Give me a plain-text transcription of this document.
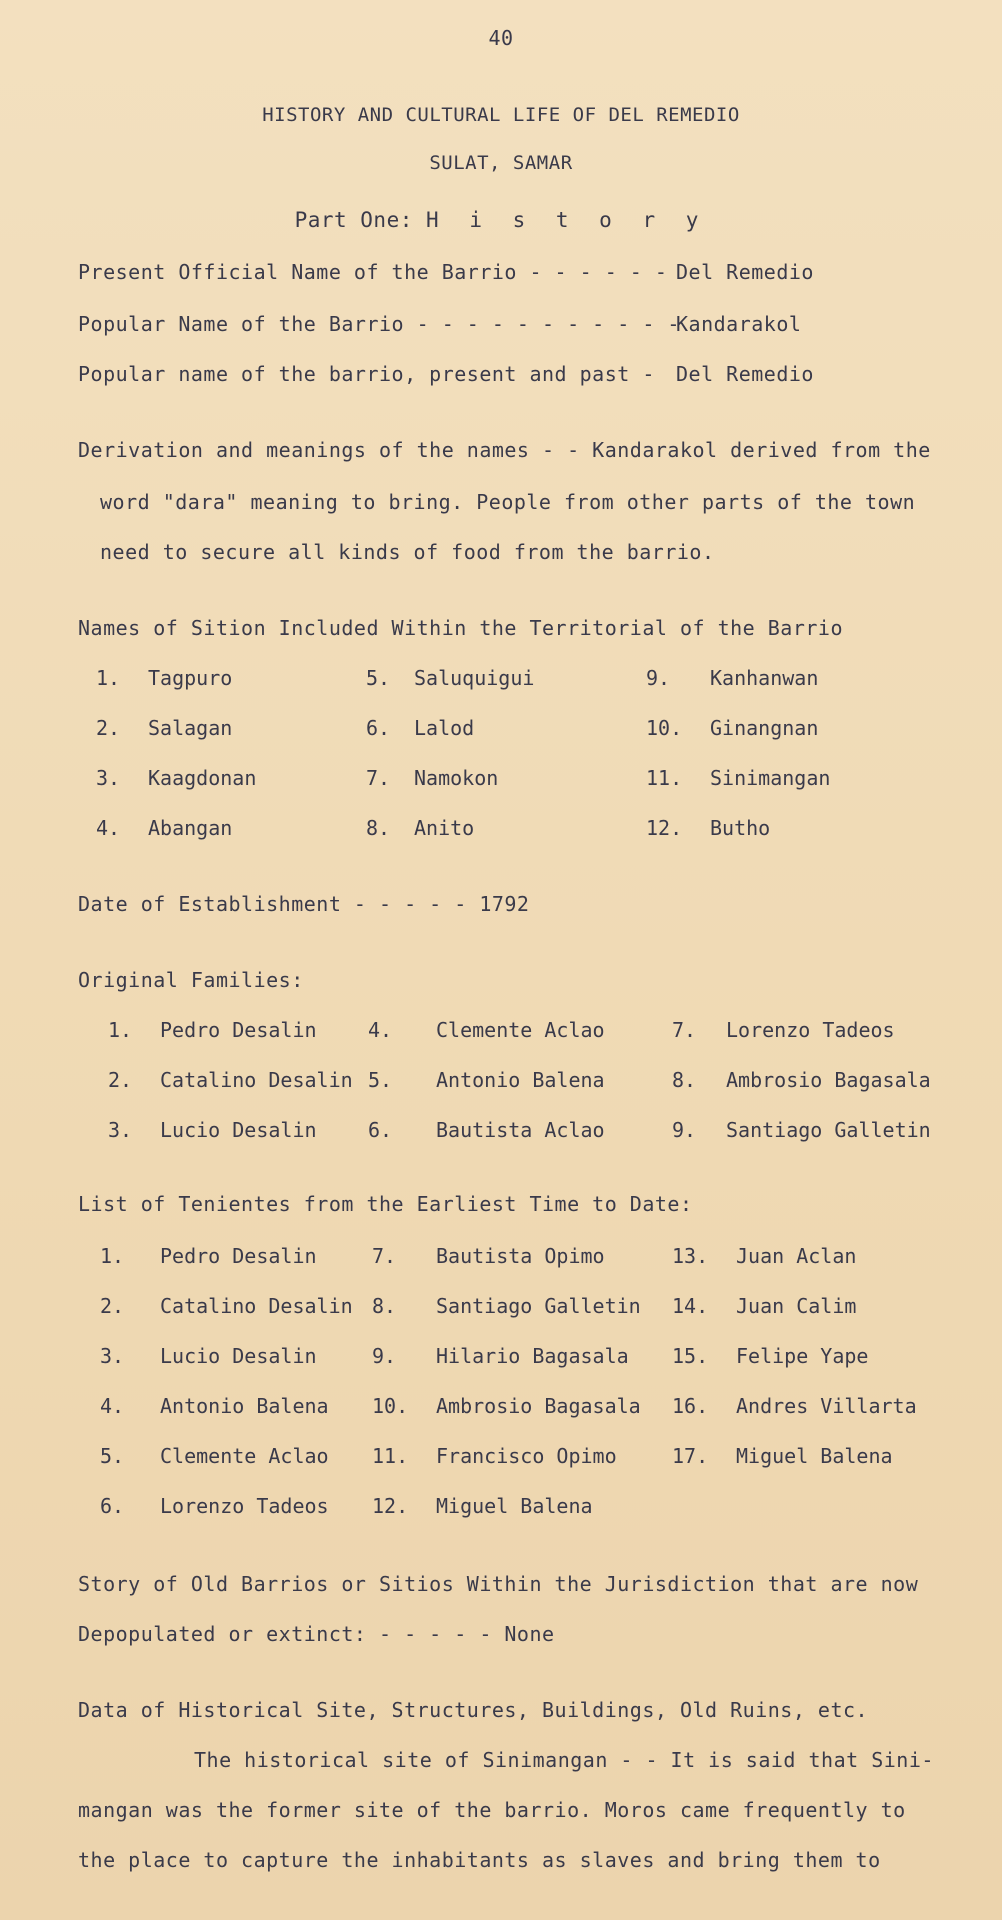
40
HISTORY AND CULTURAL LIFE OF DEL REMEDIO
SULAT, SAMAR
Part One: H i s t o r y
Present Official Name of the Barrio - - - - - - Del Remedio
Popular Name of the Barrio - - - - - - - - - - -
Kandarakol
Popular name of the barrio, present and past - Del Remedio
Derivation and meanings of the names - - Kandarakol derived from the
word "dara" meaning to bring. People from other parts of the town
need to secure all kinds of food from the barrio.
Names of Sition Included Within the Territorial of the Barrio
1. Tagpuro
2. Salagan
3. Kaagdonan
4. Abangan
5. Saluquigui
6. Lalod
7. Namokon
8. Anito
9. Kanhanwan
10. Ginangnan
11. Sinimangan
12. Butho
Date of Establishment - - - - - 1792
Original Families:
1. Pedro Desalin
2. Catalino Desalin
3. Lucio Desalin
4. Clemente Aclao
5. Antonio Balena
6. Bautista Aclao
7. Lorenzo Tadeos
8. Ambrosio Bagasala
9. Santiago Galletin
List of Tenientes from the Earliest Time to Date:
1. Pedro Desalin
2. Catalino Desalin
3. Lucio Desalin
4. Antonio Balena
5. Clemente Aclao
6. Lorenzo Tadeos
7. Bautista Opimo
8. Santiago Galletin
9. Hilario Bagasala
10. Ambrosio Bagasala
11. Francisco Opimo
12. Miguel Balena
13. Juan Aclan
14. Juan Calim
15. Felipe Yape
16. Andres Villarta
17. Miguel Balena
Story of Old Barrios or Sitios Within the Jurisdiction that are now
Depopulated or extinct: - - - - - None
Data of Historical Site, Structures, Buildings, Old Ruins, etc.
The historical site of Sinimangan - - It is said that Sini-
mangan was the former site of the barrio. Moros came frequently to
the place to capture the inhabitants as slaves and bring them to
